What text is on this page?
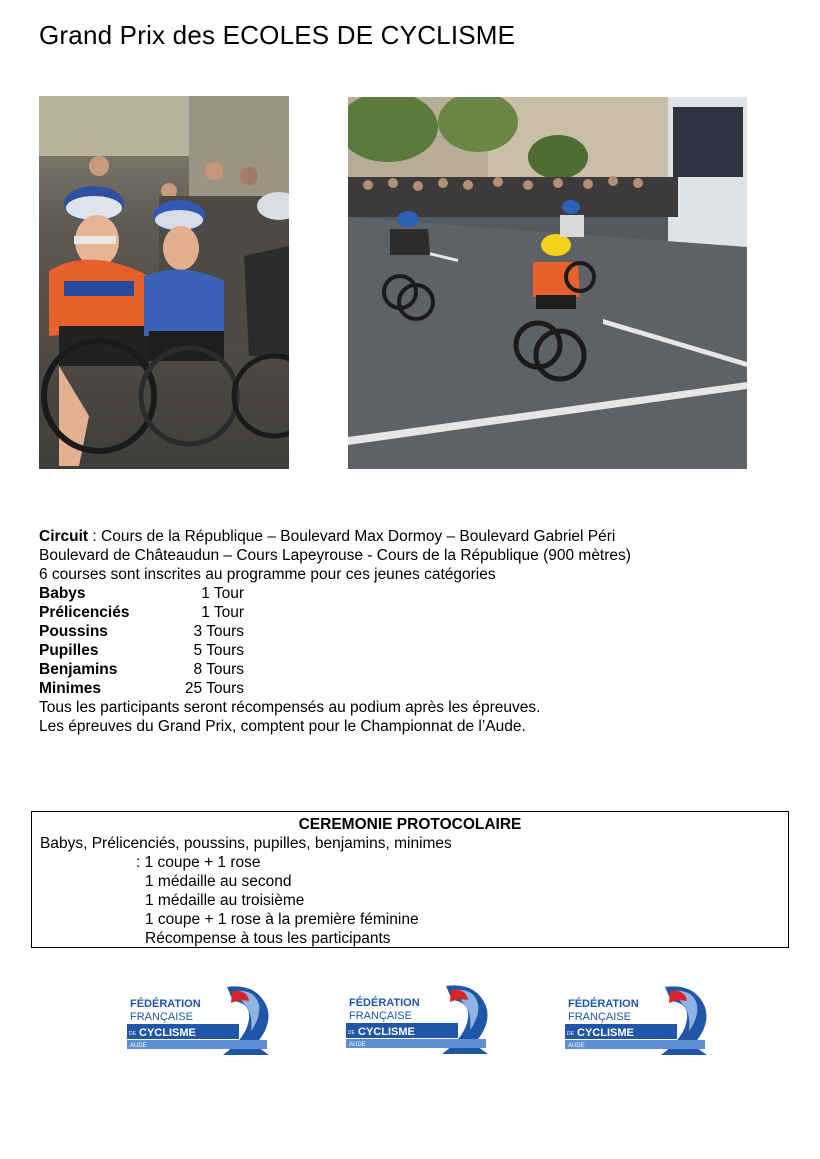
Grand Prix des ECOLES DE CYCLISME
Circuit : Cours de la République – Boulevard Max Dormoy – Boulevard Gabriel Péri
Boulevard de Châteaudun – Cours Lapeyrouse - Cours de la République (900 mètres)
6 courses sont inscrites au programme pour ces jeunes catégories
Babys	1 Tour
Prélicenciés	1 Tour
Poussins	3 Tours
Pupilles	5 Tours
Benjamins	8 Tours
Minimes	25 Tours
Tous les participants seront récompensés au podium après les épreuves.
Les épreuves du Grand Prix, comptent pour le Championnat de l’Aude.
CEREMONIE PROTOCOLAIRE
Babys, Prélicenciés, poussins, pupilles, benjamins, minimes
: 1 coupe + 1 rose
1 médaille au second
1 médaille au troisième
1 coupe + 1 rose à la première féminine
Récompense à tous les participants
FÉDÉRATION
FRANÇAISE
DE CYCLISME
AUDE
FÉDÉRATION
FRANÇAISE
DE CYCLISME
AUDE
FÉDÉRATION
FRANÇAISE
DE CYCLISME
AUDE
